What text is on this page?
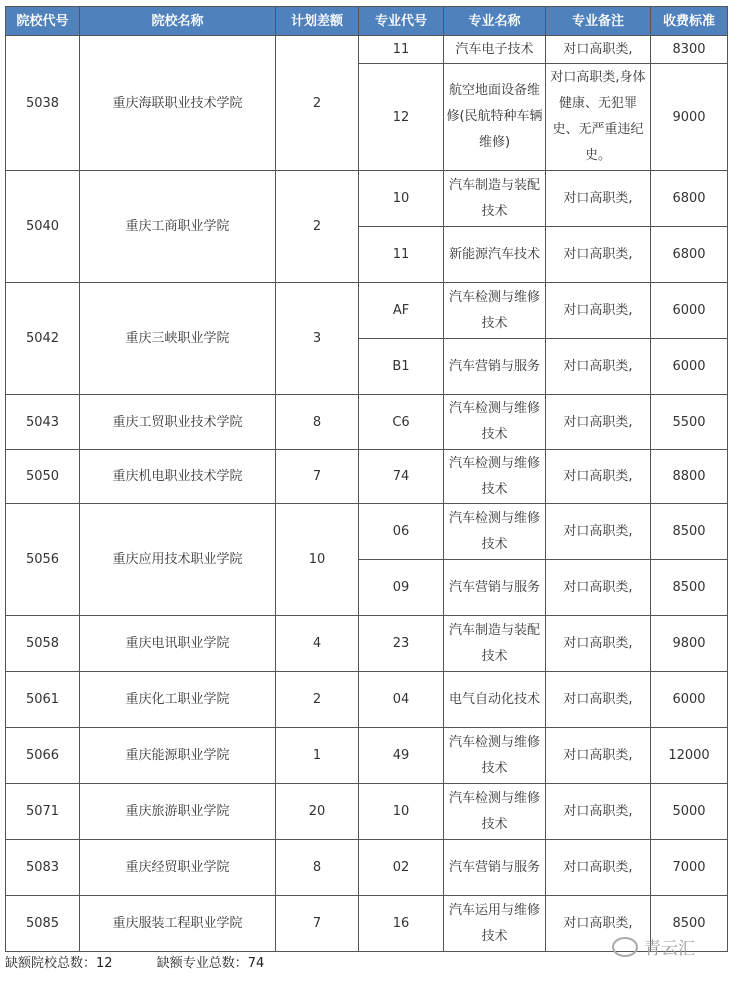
院校代号	院校名称	计划差额	专业代号	专业名称	专业备注	收费标准
5038	重庆海联职业技术学院	2	11	汽车电子技术	对口高职类,	8300
			12	航空地面设备维修(民航特种车辆维修)	对口高职类,身体健康、无犯罪史、无严重违纪史。	9000
5040	重庆工商职业学院	2	10	汽车制造与装配技术	对口高职类,	6800
			11	新能源汽车技术	对口高职类,	6800
5042	重庆三峡职业学院	3	AF	汽车检测与维修技术	对口高职类,	6000
			B1	汽车营销与服务	对口高职类,	6000
5043	重庆工贸职业技术学院	8	C6	汽车检测与维修技术	对口高职类,	5500
5050	重庆机电职业技术学院	7	74	汽车检测与维修技术	对口高职类,	8800
5056	重庆应用技术职业学院	10	06	汽车检测与维修技术	对口高职类,	8500
			09	汽车营销与服务	对口高职类,	8500
5058	重庆电讯职业学院	4	23	汽车制造与装配技术	对口高职类,	9800
5061	重庆化工职业学院	2	04	电气自动化技术	对口高职类,	6000
5066	重庆能源职业学院	1	49	汽车检测与维修技术	对口高职类,	12000
5071	重庆旅游职业学院	20	10	汽车检测与维修技术	对口高职类,	5000
5083	重庆经贸职业学院	8	02	汽车营销与服务	对口高职类,	7000
5085	重庆服装工程职业学院	7	16	汽车运用与维修技术	对口高职类,	8500
缺额院校总数：12	缺额专业总数：74
青云汇
